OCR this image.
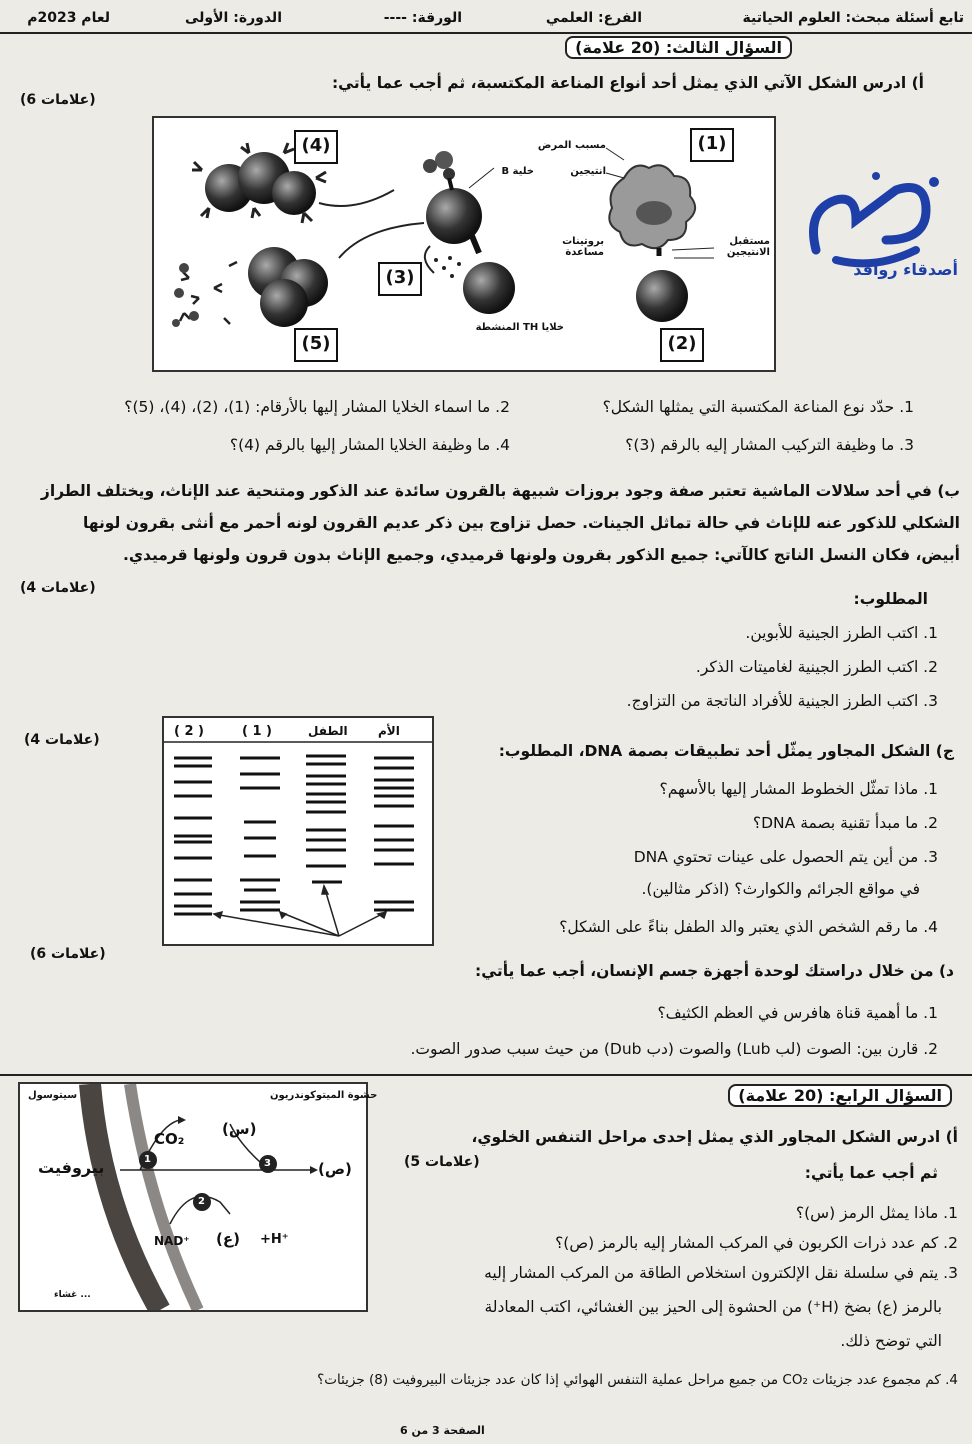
تابع أسئلة مبحث: العلوم الحياتية
الفرع: العلمي
الورقة: ----
الدورة: الأولى
لعام 2023م
السؤال الثالث: (20 علامة)
أ) ادرس الشكل الآتي الذي يمثل أحد أنواع المناعة المكتسبة، ثم أجب عما يأتي:
(6 علامات)
(4)	(1)
(3)
(5)	(2)
مسبب المرض
انتيجين
بروتينات مساعدة
مستقبل الانتيجين
خلية B
خلايا TH المنشطة
1. حدّد نوع المناعة المكتسبة التي يمثلها الشكل؟
2. ما اسماء الخلايا المشار إليها بالأرقام: (1)، (2)، (4)، (5)؟
3. ما وظيفة التركيب المشار إليه بالرقم (3)؟
4. ما وظيفة الخلايا المشار إليها بالرقم (4)؟
ب) في أحد سلالات الماشية تعتبر صفة وجود بروزات شبيهة بالقرون سائدة عند الذكور ومتنحية عند الإناث، ويختلف الطراز
الشكلي للذكور عنه للإناث في حالة تماثل الجينات. حصل تزاوج بين ذكر عديم القرون لونه أحمر مع أنثى بقرون لونها
أبيض، فكان النسل الناتج كالآتي: جميع الذكور بقرون ولونها قرميدي، وجميع الإناث بدون قرون ولونها قرميدي.
(4 علامات)
المطلوب:
1. اكتب الطرز الجينية للأبوين.
2. اكتب الطرز الجينية لغاميتات الذكر.
3. اكتب الطرز الجينية للأفراد الناتجة من التزاوج.
(4 علامات)
( 2 )	( 1 )	الطفل	الأم
ج) الشكل المجاور يمثّل أحد تطبيقات بصمة DNA، المطلوب:
1. ماذا تمثّل الخطوط المشار إليها بالأسهم؟
2. ما مبدأ تقنية بصمة DNA؟
3. من أين يتم الحصول على عينات تحتوي DNA
في مواقع الجرائم والكوارث؟ (اذكر مثالين).
4. ما رقم الشخص الذي يعتبر والد الطفل بناءً على الشكل؟
(6 علامات)
د) من خلال دراستك لوحدة أجهزة جسم الإنسان، أجب عما يأتي:
1. ما أهمية قناة هافرس في العظم الكثيف؟
2. قارن بين: الصوت (لب Lub) والصوت (دب Dub) من حيث سبب صدور الصوت.
السؤال الرابع: (20 علامة)
سيتوسول	حشوة الميتوكوندريون
بيروفيت
CO₂
(س)
(ص)
NAD⁺ (ع) +H⁺
1
2
3
غشاء ...
أ) ادرس الشكل المجاور الذي يمثل إحدى مراحل التنفس الخلوي،
(5 علامات)
ثم أجب عما يأتي:
1. ماذا يمثل الرمز (س)؟
2. كم عدد ذرات الكربون في المركب المشار إليه بالرمز (ص)؟
3. يتم في سلسلة نقل الإلكترون استخلاص الطاقة من المركب المشار إليه
بالرمز (ع) بضخ (H⁺) من الحشوة إلى الحيز بين الغشائي، اكتب المعادلة
التي توضح ذلك.
4. كم مجموع عدد جزيئات CO₂ من جميع مراحل عملية التنفس الهوائي إذا كان عدد جزيئات البيروفيت (8) جزيئات؟
الصفحة 3 من 6
أصدقاء روافد
